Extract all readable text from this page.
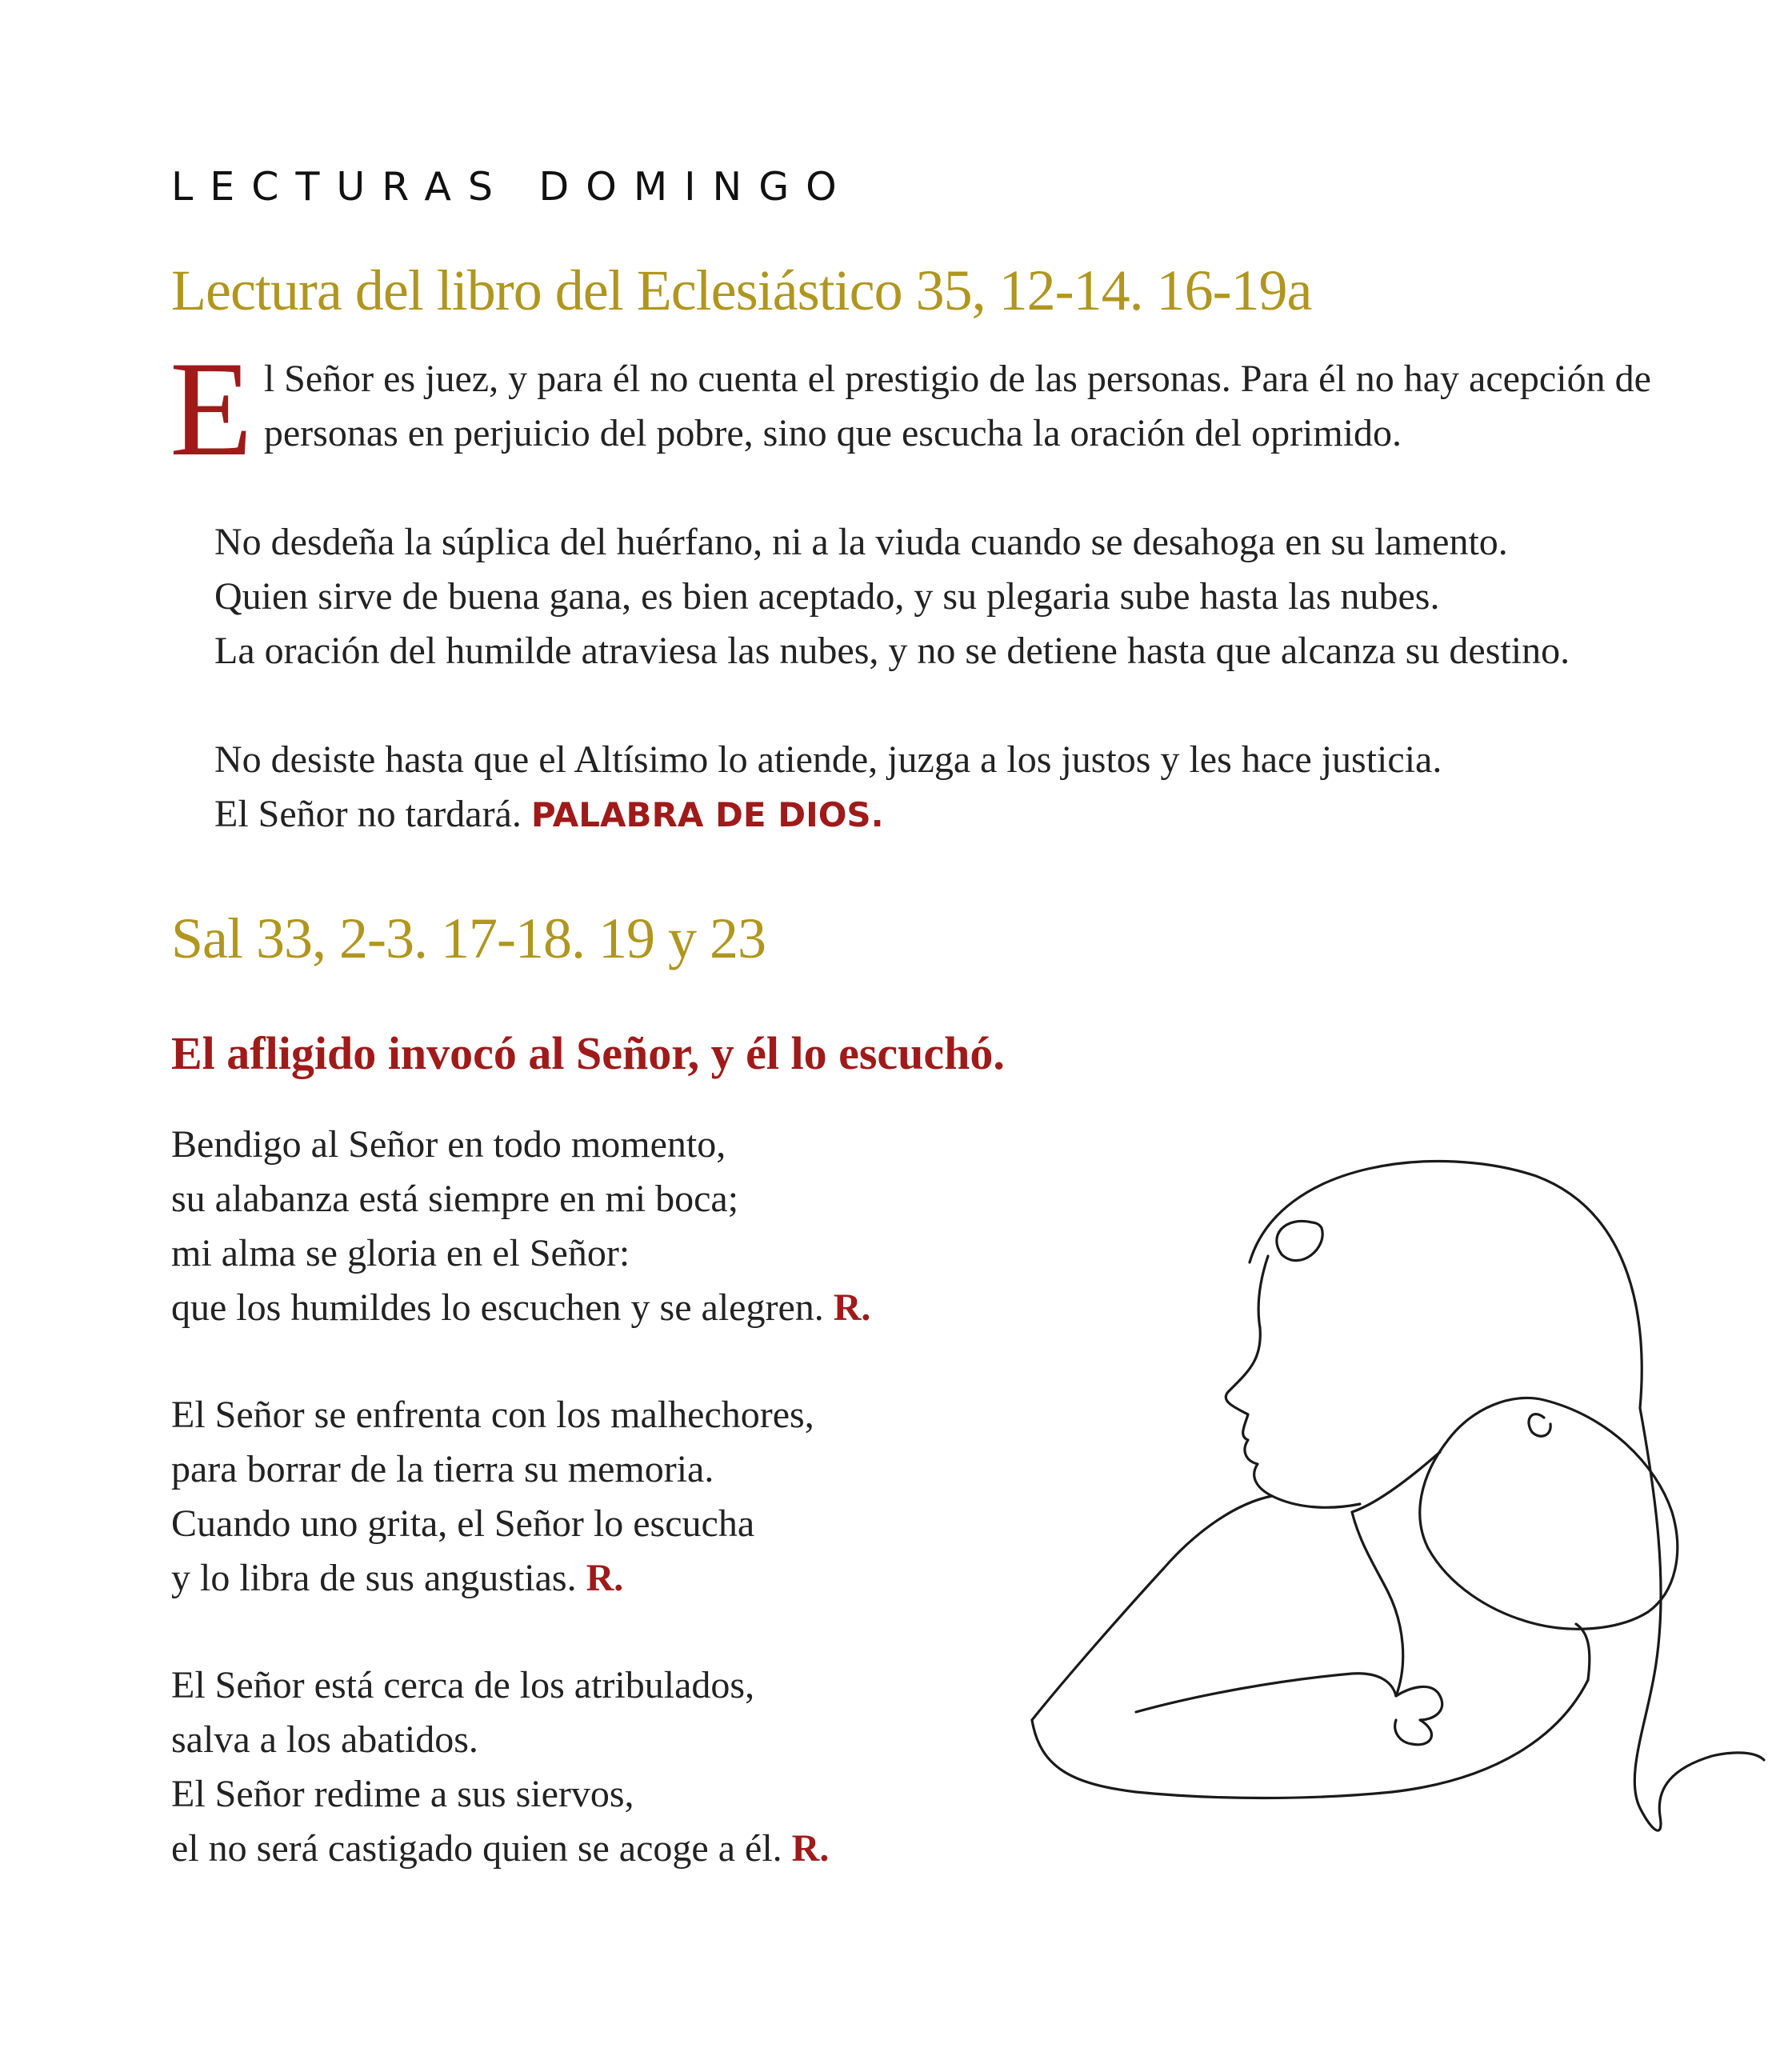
LECTURAS DOMINGO
Lectura del libro del Eclesiástico 35, 12-14. 16-19a

El Señor es juez, y para él no cuenta el prestigio de las personas. Para él no hay acepción de personas en perjuicio del pobre, sino que escucha la oración del oprimido.

No desdeña la súplica del huérfano, ni a la viuda cuando se desahoga en su lamento.

Quien sirve de buena gana, es bien aceptado, y su plegaria sube hasta las nubes.

La oración del humilde atraviesa las nubes, y no se detiene hasta que alcanza su destino.

No desiste hasta que el Altísimo lo atiende, juzga a los justos y les hace justicia.

El Señor no tardará. PALABRA DE DIOS.

Sal 33, 2-3. 17-18. 19 y 23
El afligido invocó al Señor, y él lo escuchó.
Bendigo al Señor en todo momento,
su alabanza está siempre en mi boca;
mi alma se gloria en el Señor:
que los humildes lo escuchen y se alegren. R.
El Señor se enfrenta con los malhechores,
para borrar de la tierra su memoria.
Cuando uno grita, el Señor lo escucha
y lo libra de sus angustias. R.
El Señor está cerca de los atribulados,
salva a los abatidos.
El Señor redime a sus siervos,
el no será castigado quien se acoge a él. R.
